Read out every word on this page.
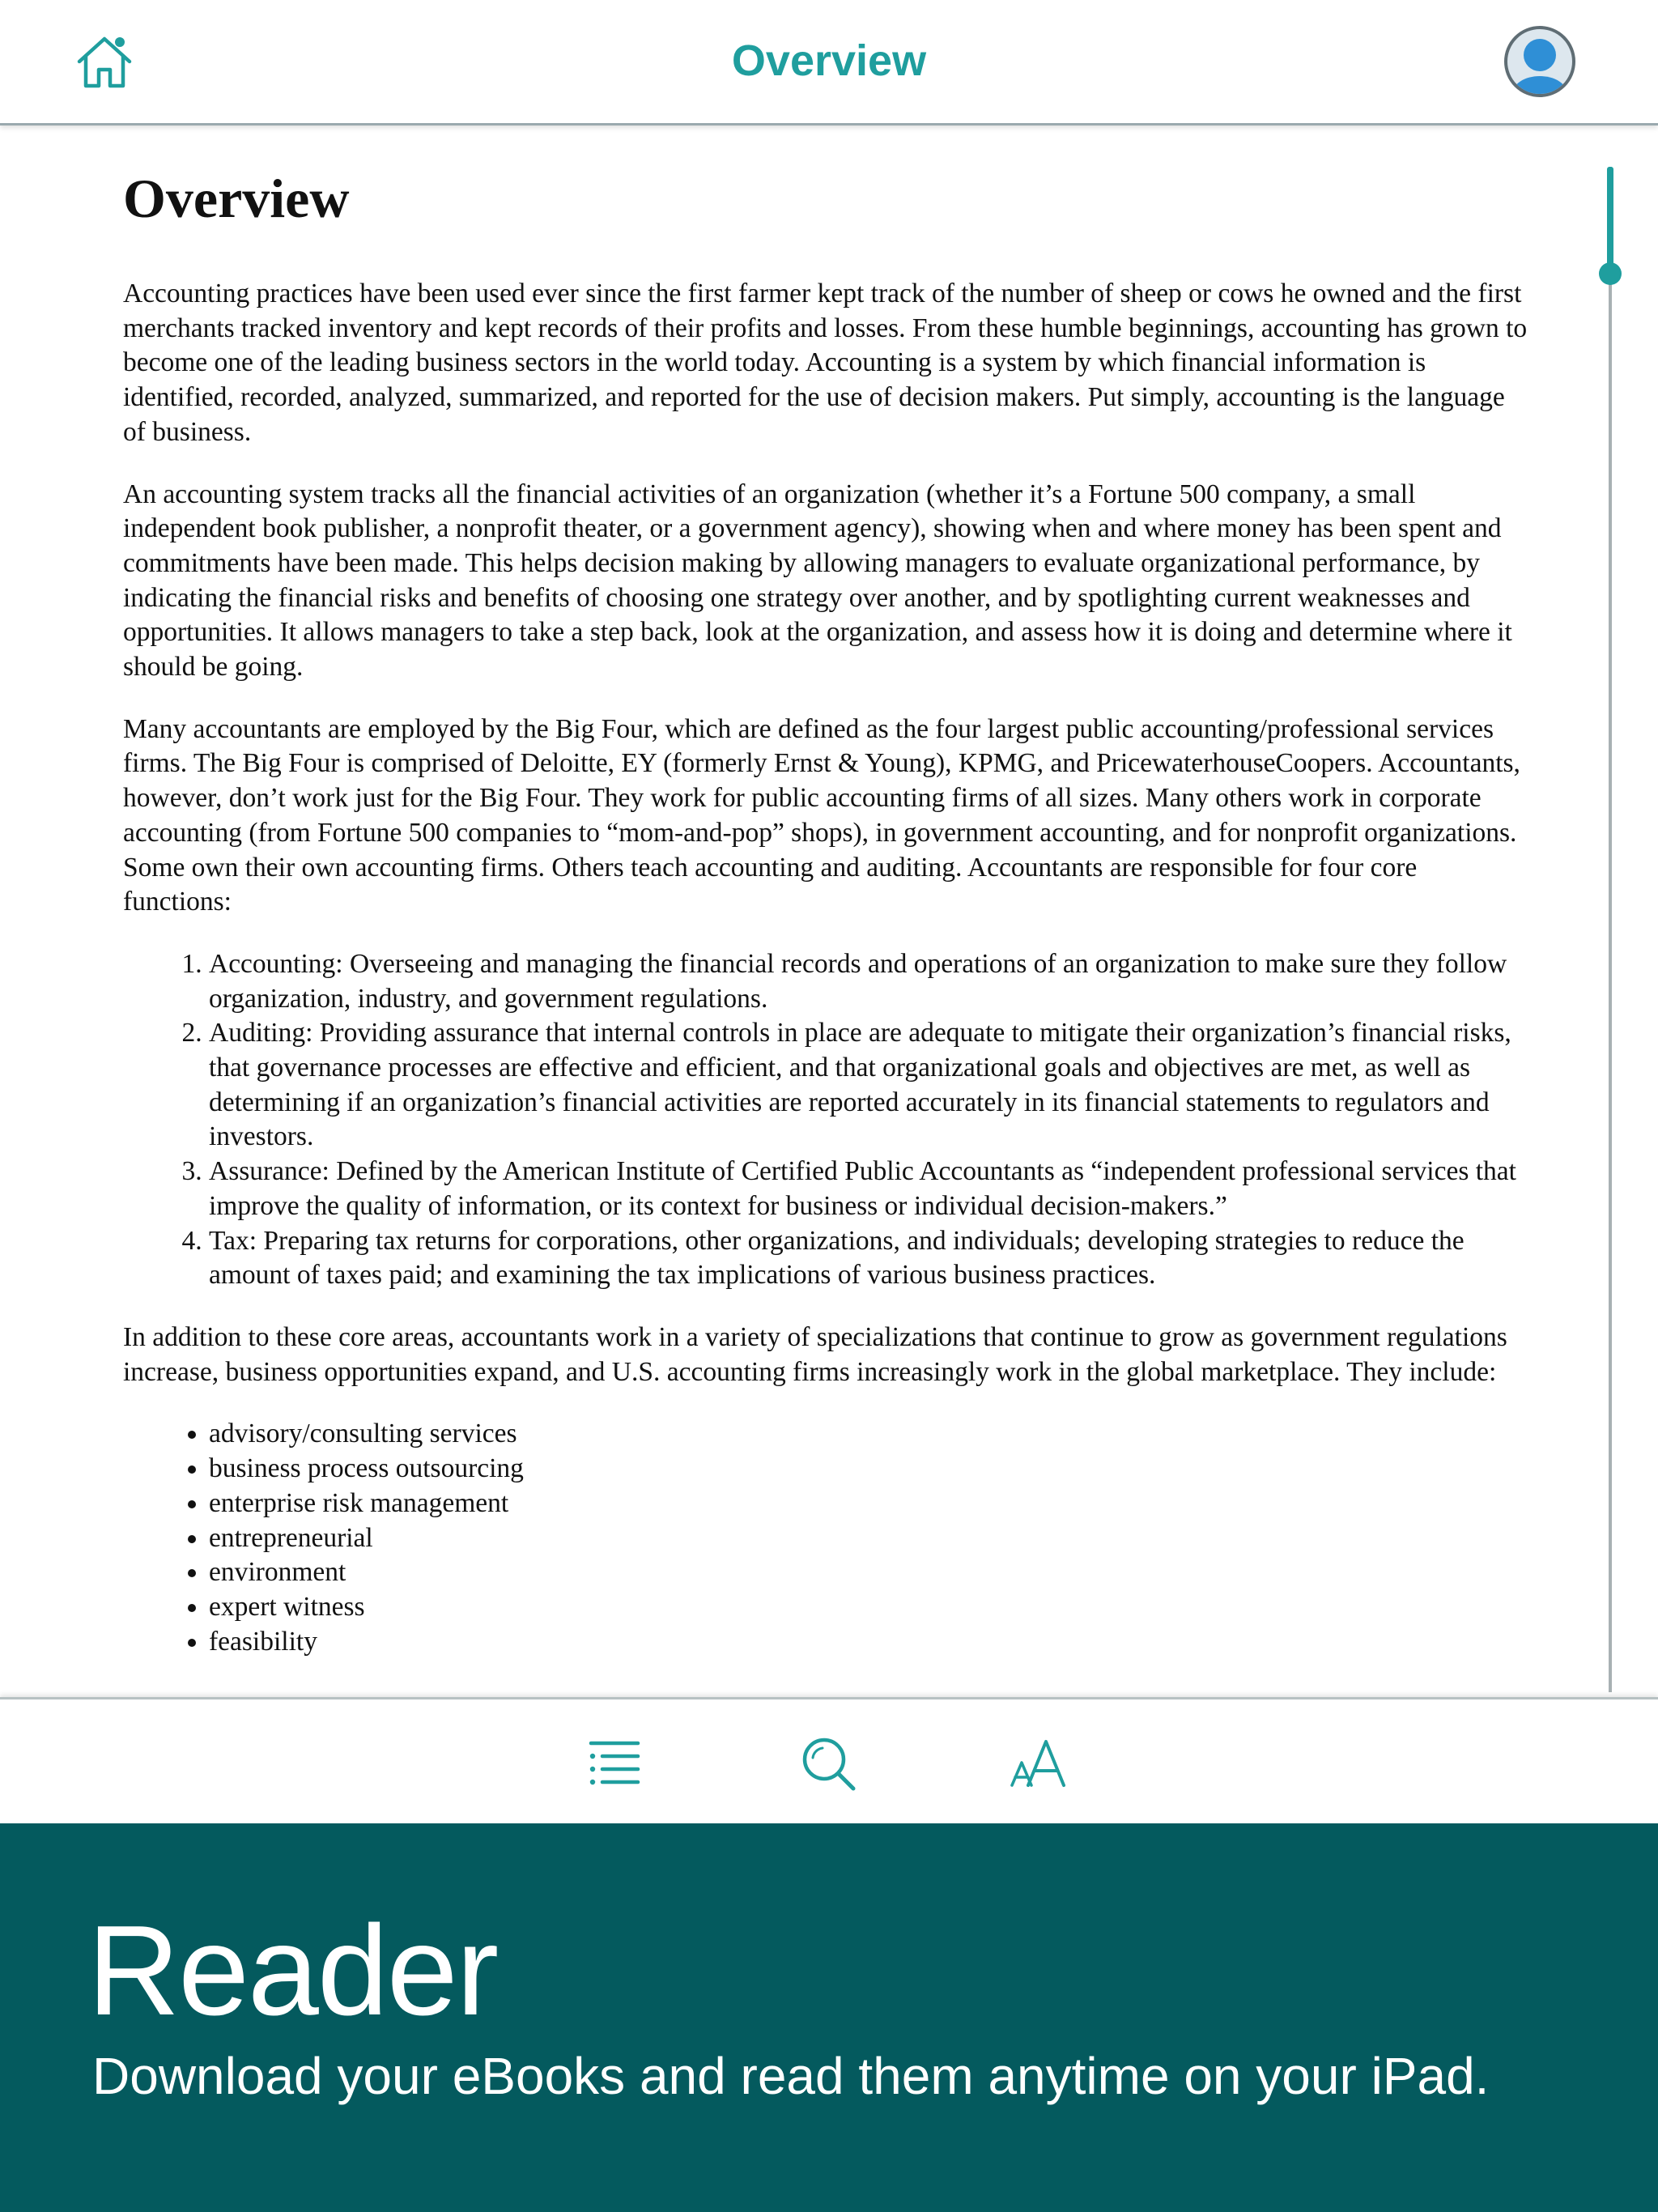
Overview
Overview

Accounting practices have been used ever since the first farmer kept track of the number of sheep or cows he owned and the first merchants tracked inventory and kept records of their profits and losses. From these humble beginnings, accounting has grown to become one of the leading business sectors in the world today. Accounting is a system by which financial information is identified, recorded, analyzed, summarized, and reported for the use of decision makers. Put simply, accounting is the language of business.

An accounting system tracks all the financial activities of an organization (whether it’s a Fortune 500 company, a small independent book publisher, a nonprofit theater, or a government agency), showing when and where money has been spent and commitments have been made. This helps decision making by allowing managers to evaluate organizational performance, by indicating the financial risks and benefits of choosing one strategy over another, and by spotlighting current weaknesses and opportunities. It allows managers to take a step back, look at the organization, and assess how it is doing and determine where it should be going.

Many accountants are employed by the Big Four, which are defined as the four largest public accounting/professional services firms. The Big Four is comprised of Deloitte, EY (formerly Ernst & Young), KPMG, and PricewaterhouseCoopers. Accountants, however, don’t work just for the Big Four. They work for public accounting firms of all sizes. Many others work in corporate accounting (from Fortune 500 companies to “mom-and-pop” shops), in government accounting, and for nonprofit organizations. Some own their own accounting firms. Others teach accounting and auditing. Accountants are responsible for four core functions:

1. Accounting: Overseeing and managing the financial records and operations of an organization to make sure they follow organization, industry, and government regulations.
2. Auditing: Providing assurance that internal controls in place are adequate to mitigate their organization’s financial risks, that governance processes are effective and efficient, and that organizational goals and objectives are met, as well as determining if an organization’s financial activities are reported accurately in its financial statements to regulators and investors.
3. Assurance: Defined by the American Institute of Certified Public Accountants as “independent professional services that improve the quality of information, or its context for business or individual decision-makers.”
4. Tax: Preparing tax returns for corporations, other organizations, and individuals; developing strategies to reduce the amount of taxes paid; and examining the tax implications of various business practices.

In addition to these core areas, accountants work in a variety of specializations that continue to grow as government regulations increase, business opportunities expand, and U.S. accounting firms increasingly work in the global marketplace. They include:

• advisory/consulting services
• business process outsourcing
• enterprise risk management
• entrepreneurial
• environment
• expert witness
• feasibility
Reader
Download your eBooks and read them anytime on your iPad.
